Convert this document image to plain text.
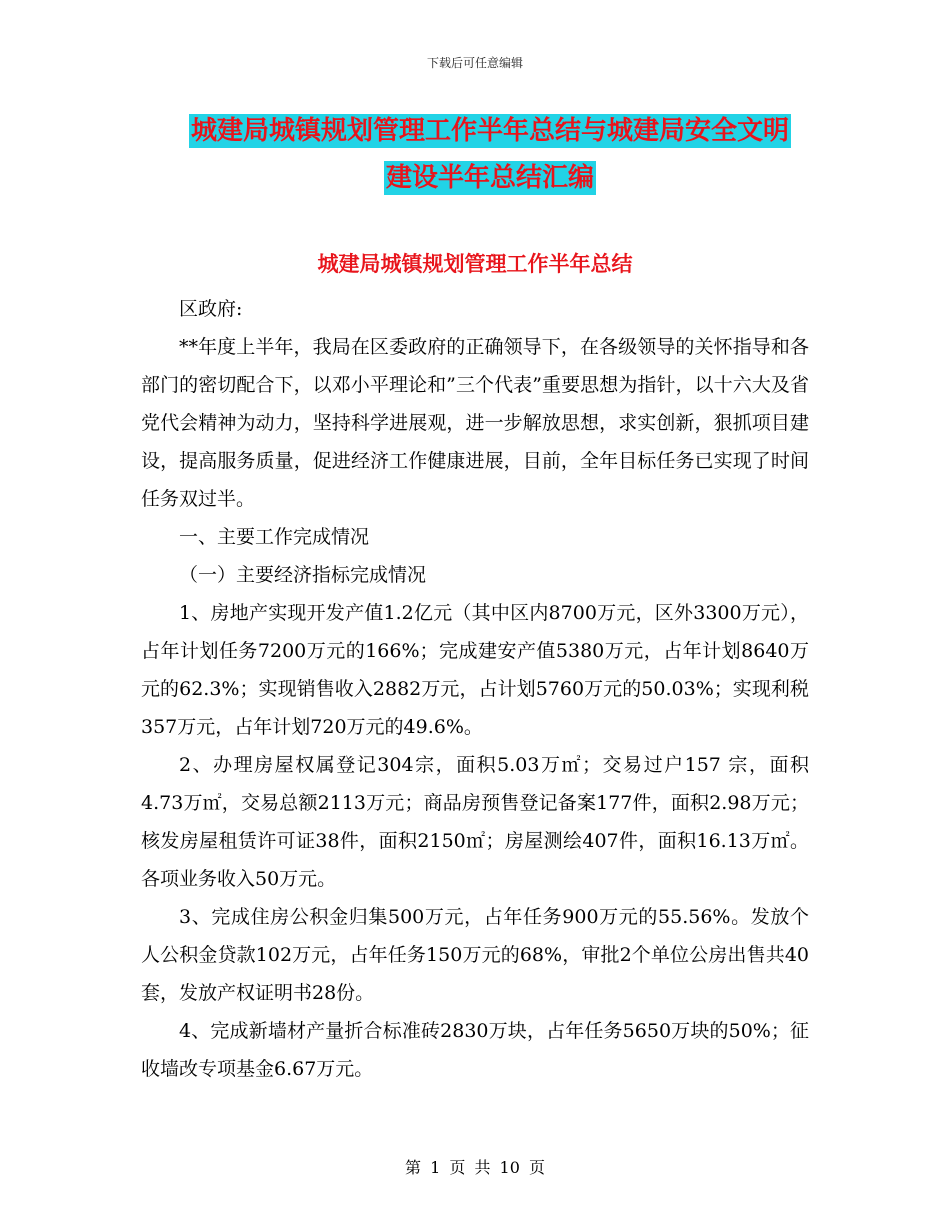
下载后可任意编辑
城建局城镇规划管理工作半年总结与城建局安全文明
建设半年总结汇编
城建局城镇规划管理工作半年总结

区政府:

**年度上半年，我局在区委政府的正确领导下，在各级领导的关怀指导和各部门的密切配合下，以邓小平理论和”三个代表”重要思想为指针，以十六大及省党代会精神为动力，坚持科学进展观，进一步解放思想，求实创新，狠抓项目建设，提高服务质量，促进经济工作健康进展，目前，全年目标任务已实现了时间任务双过半。

一、主要工作完成情况

（一）主要经济指标完成情况

1、房地产实现开发产值1.2亿元（其中区内8700万元，区外3300万元），占年计划任务7200万元的166%；完成建安产值5380万元，占年计划8640万元的62.3%；实现销售收入2882万元，占计划5760万元的50.03%；实现利税357万元，占年计划720万元的49.6%。

2、办理房屋权属登记304宗，面积5.03万㎡；交易过户157 宗，面积4.73万㎡，交易总额2113万元；商品房预售登记备案177件，面积2.98万元；核发房屋租赁许可证38件，面积2150㎡；房屋测绘407件，面积16.13万㎡。各项业务收入50万元。

3、完成住房公积金归集500万元，占年任务900万元的55.56%。发放个人公积金贷款102万元，占年任务150万元的68%，审批2个单位公房出售共40套，发放产权证明书28份。

4、完成新墙材产量折合标准砖2830万块，占年任务5650万块的50%；征收墙改专项基金6.67万元。

第 1 页 共 10 页
